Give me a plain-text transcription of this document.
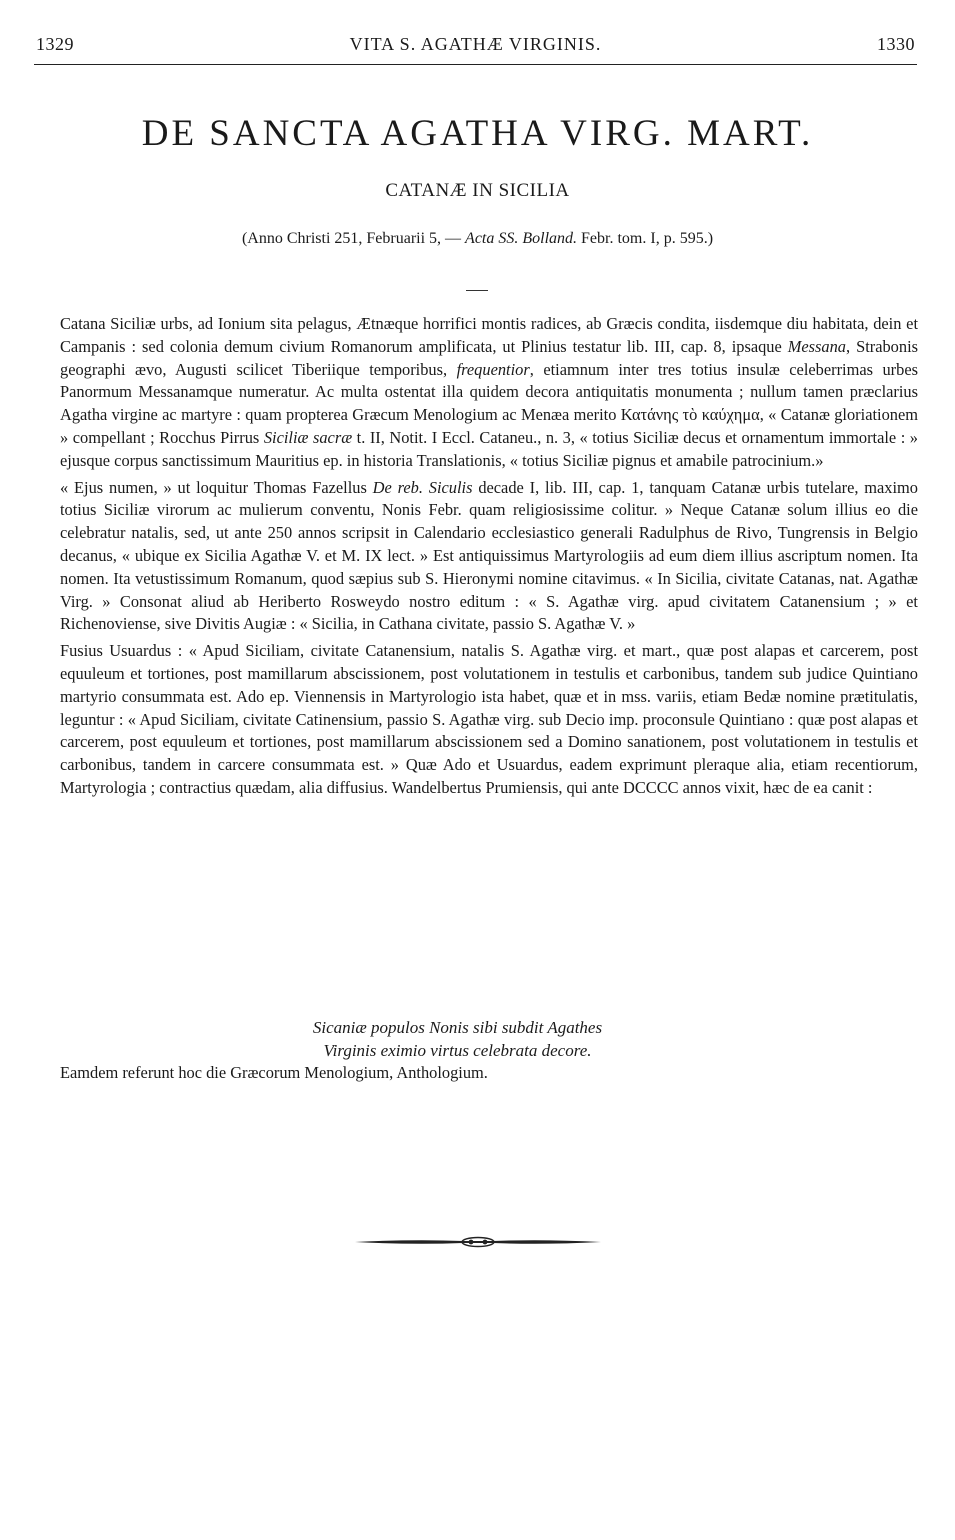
1329	VITA S. AGATHÆ VIRGINIS.	1330
DE SANCTA AGATHA VIRG. MART.
CATANÆ IN SICILIA
(Anno Christi 251, Februarii 5, — Acta SS. Bolland. Febr. tom. I, p. 595.)

Catana Siciliæ urbs, ad Ionium sita pelagus, Ætnæque horrifici montis radices, ab Græcis condita, iisdemque diu habitata, dein et Campanis : sed colonia demum civium Romanorum amplificata, ut Plinius testatur lib. III, cap. 8, ipsaque Messana, Strabonis geographi ævo, Augusti scilicet Tiberiique temporibus, frequentior, etiamnum inter tres totius insulæ celeberrimas urbes Panormum Messanamque numeratur. Ac multa ostentat illa quidem decora antiquitatis monumenta ; nullum tamen præclarius Agatha virgine ac martyre : quam propterea Græcum Menologium ac Menæa merito Κατάνης τὸ καύχημα, « Catanæ gloriationem » compellant ; Rocchus Pirrus Siciliæ sacræ t. II, Notit. I Eccl. Cataneu., n. 3, « totius Siciliæ decus et ornamentum immortale : » ejusque corpus sanctissimum Mauritius ep. in historia Translationis, « totius Siciliæ pignus et amabile patrocinium.»

« Ejus numen, » ut loquitur Thomas Fazellus De reb. Siculis decade I, lib. III, cap. 1, tanquam Catanæ urbis tutelare, maximo totius Siciliæ virorum ac mulierum conventu, Nonis Febr. quam religiosissime colitur. » Neque Catanæ solum illius eo die celebratur natalis, sed, ut ante 250 annos scripsit in Calendario ecclesiastico generali Radulphus de Rivo, Tungrensis in Belgio decanus, « ubique ex Sicilia Agathæ V. et M. IX lect. » Est antiquissimus Martyrologiis ad eum diem illius ascriptum nomen. Ita nomen. Ita vetustissimum Romanum, quod sæpius sub S. Hieronymi nomine citavimus. « In Sicilia, civitate Catanas, nat. Agathæ Virg. » Consonat aliud ab Heriberto Rosweydo nostro editum : « S. Agathæ virg. apud civitatem Catanensium ; » et Richenoviense, sive Divitis Augiæ : « Sicilia, in Cathana civitate, passio S. Agathæ V. »

Fusius Usuardus : « Apud Siciliam, civitate Catanensium, natalis S. Agathæ virg. et mart., quæ post alapas et carcerem, post equuleum et tortiones, post mamillarum abscissionem, post volutationem in testulis et carbonibus, tandem sub judice Quintiano martyrio consummata est. Ado ep. Viennensis in Martyrologio ista habet, quæ et in mss. variis, etiam Bedæ nomine prætitulatis, leguntur : « Apud Siciliam, civitate Catinensium, passio S. Agathæ virg. sub Decio imp. proconsule Quintiano : quæ post alapas et carcerem, post equuleum et tortiones, post mamillarum abscissionem sed a Domino sanationem, post volutationem in testulis et carbonibus, tandem in carcere consummata est. » Quæ Ado et Usuardus, eadem exprimunt pleraque alia, etiam recentiorum, Martyrologia ; contractius quædam, alia diffusius. Wandelbertus Prumiensis, qui ante DCCCC annos vixit, hæc de ea canit :

Sicaniæ populos Nonis sibi subdit Agathes
Virginis eximio virtus celebrata decore.
Eamdem referunt hoc die Græcorum Menologium, Anthologium.
